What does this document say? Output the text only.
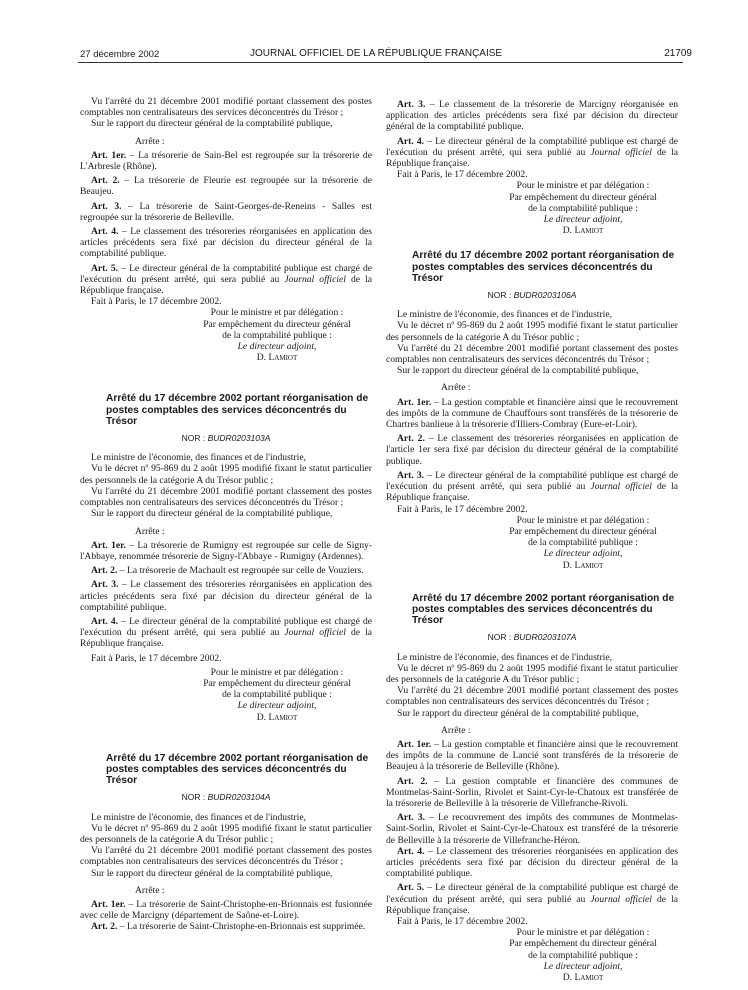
27 décembre 2002	JOURNAL OFFICIEL DE LA RÉPUBLIQUE FRANÇAISE	21709

Vu l'arrêté du 21 décembre 2001 modifié portant classement des postes comptables non centralisateurs des services déconcentrés du Trésor ;

Sur le rapport du directeur général de la comptabilité publique,

Arrête :

Art. 1er. – La trésorerie de Sain-Bel est regroupée sur la trésorerie de L'Arbresle (Rhône).

Art. 2. – La trésorerie de Fleurie est regroupée sur la trésorerie de Beaujeu.

Art. 3. – La trésorerie de Saint-Georges-de-Reneins - Salles est regroupée sur la trésorerie de Belleville.

Art. 4. – Le classement des trésoreries réorganisées en application des articles précédents sera fixé par décision du directeur général de la comptabilité publique.

Art. 5. – Le directeur général de la comptabilité publique est chargé de l'exécution du présent arrêté, qui sera publié au Journal officiel de la République française.

Fait à Paris, le 17 décembre 2002.

Pour le ministre et par délégation :
Par empêchement du directeur général
de la comptabilité publique :
Le directeur adjoint,
D. Lamiot

Arrêté du 17 décembre 2002 portant réorganisation de postes comptables des services déconcentrés du Trésor

NOR : BUDR0203103A

Le ministre de l'économie, des finances et de l'industrie,

Vu le décret nº 95-869 du 2 août 1995 modifié fixant le statut particulier des personnels de la catégorie A du Trésor public ;

Vu l'arrêté du 21 décembre 2001 modifié portant classement des postes comptables non centralisateurs des services déconcentrés du Trésor ;

Sur le rapport du directeur général de la comptabilité publique,

Arrête :

Art. 1er. – La trésorerie de Rumigny est regroupée sur celle de Signy-l'Abbaye, renommée trésorerie de Signy-l'Abbaye - Rumigny (Ardennes).

Art. 2. – La trésorerie de Machault est regroupée sur celle de Vouziers.

Art. 3. – Le classement des trésoreries réorganisées en application des articles précédents sera fixé par décision du directeur général de la comptabilité publique.

Art. 4. – Le directeur général de la comptabilité publique est chargé de l'exécution du présent arrêté, qui sera publié au Journal officiel de la République française.

Fait à Paris, le 17 décembre 2002.

Pour le ministre et par délégation :
Par empêchement du directeur général
de la comptabilité publique :
Le directeur adjoint,
D. Lamiot

Arrêté du 17 décembre 2002 portant réorganisation de postes comptables des services déconcentrés du Trésor

NOR : BUDR0203104A

Le ministre de l'économie, des finances et de l'industrie,

Vu le décret nº 95-869 du 2 août 1995 modifié fixant le statut particulier des personnels de la catégorie A du Trésor public ;

Vu l'arrêté du 21 décembre 2001 modifié portant classement des postes comptables non centralisateurs des services déconcentrés du Trésor ;

Sur le rapport du directeur général de la comptabilité publique,

Arrête :

Art. 1er. – La trésorerie de Saint-Christophe-en-Brionnais est fusionnée avec celle de Marcigny (département de Saône-et-Loire).

Art. 2. – La trésorerie de Saint-Christophe-en-Brionnais est supprimée.

Art. 3. – Le classement de la trésorerie de Marcigny réorganisée en application des articles précédents sera fixé par décision du directeur général de la comptabilité publique.

Art. 4. – Le directeur général de la comptabilité publique est chargé de l'exécution du présent arrêté, qui sera publié au Journal officiel de la République française.

Fait à Paris, le 17 décembre 2002.

Pour le ministre et par délégation :
Par empêchement du directeur général
de la comptabilité publique :
Le directeur adjoint,
D. Lamiot

Arrêté du 17 décembre 2002 portant réorganisation de postes comptables des services déconcentrés du Trésor

NOR : BUDR0203106A

Le ministre de l'économie, des finances et de l'industrie,

Vu le décret nº 95-869 du 2 août 1995 modifié fixant le statut particulier des personnels de la catégorie A du Trésor public ;

Vu l'arrêté du 21 décembre 2001 modifié portant classement des postes comptables non centralisateurs des services déconcentrés du Trésor ;

Sur le rapport du directeur général de la comptabilité publique,

Arrête :

Art. 1er. – La gestion comptable et financière ainsi que le recouvrement des impôts de la commune de Chauffours sont transférés de la trésorerie de Chartres banlieue à la trésorerie d'Illiers-Combray (Eure-et-Loir).

Art. 2. – Le classement des trésoreries réorganisées en application de l'article 1er sera fixé par décision du directeur général de la comptabilité publique.

Art. 3. – Le directeur général de la comptabilité publique est chargé de l'exécution du présent arrêté, qui sera publié au Journal officiel de la République française.

Fait à Paris, le 17 décembre 2002.

Pour le ministre et par délégation :
Par empêchement du directeur général
de la comptabilité publique :
Le directeur adjoint,
D. Lamiot

Arrêté du 17 décembre 2002 portant réorganisation de postes comptables des services déconcentrés du Trésor

NOR : BUDR0203107A

Le ministre de l'économie, des finances et de l'industrie,

Vu le décret nº 95-869 du 2 août 1995 modifié fixant le statut particulier des personnels de la catégorie A du Trésor public ;

Vu l'arrêté du 21 décembre 2001 modifié portant classement des postes comptables non centralisateurs des services déconcentrés du Trésor ;

Sur le rapport du directeur général de la comptabilité publique,

Arrête :

Art. 1er. – La gestion comptable et financière ainsi que le recouvrement des impôts de la commune de Lancié sont transférés de la trésorerie de Beaujeu à la trésorerie de Belleville (Rhône).

Art. 2. – La gestion comptable et financière des communes de Montmelas-Saint-Sorlin, Rivolet et Saint-Cyr-le-Chatoux est transférée de la trésorerie de Belleville à la trésorerie de Villefranche-Rivoli.

Art. 3. – Le recouvrement des impôts des communes de Montmelas-Saint-Sorlin, Rivolet et Saint-Cyr-le-Chatoux est transféré de la trésorerie de Belleville à la trésorerie de Villefranche-Héron.

Art. 4. – Le classement des trésoreries réorganisées en application des articles précédents sera fixé par décision du directeur général de la comptabilité publique.

Art. 5. – Le directeur général de la comptabilité publique est chargé de l'exécution du présent arrêté, qui sera publié au Journal officiel de la République française.

Fait à Paris, le 17 décembre 2002.

Pour le ministre et par délégation :
Par empêchement du directeur général
de la comptabilité publique :
Le directeur adjoint,
D. Lamiot
